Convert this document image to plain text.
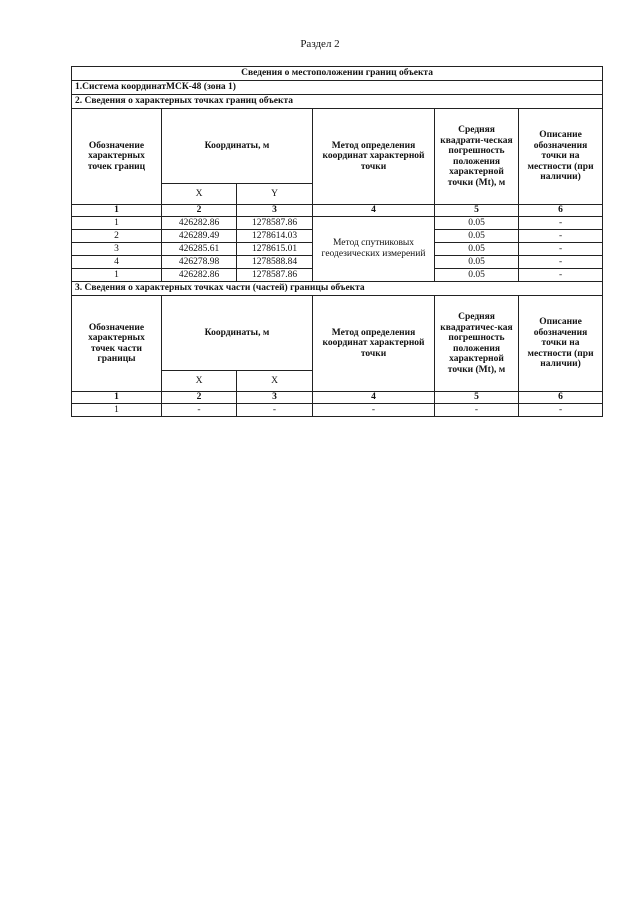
Раздел 2
Сведения о местоположении границ объекта					
1.Система координатМСК-48 (зона 1)					
2. Сведения о характерных точках границ объекта					
Обозначение характерных точек границ	Координаты, м		Метод определения координат характерной точки	Средняя квадрати-ческая погрешность положения характерной точки (Mt), м	Описание обозначения точки на местности (при наличии)
	X	Y			
1	2	3	4	5	6
1	426282.86	1278587.86	Метод спутниковых геодезических измерений	0.05	-
2	426289.49	1278614.03		0.05	-
3	426285.61	1278615.01		0.05	-
4	426278.98	1278588.84		0.05	-
1	426282.86	1278587.86		0.05	-
3. Сведения о характерных точках части (частей) границы объекта					
Обозначение характерных точек части границы	Координаты, м		Метод определения координат характерной точки	Средняя квадратичес-кая погрешность положения характерной точки (Mt), м	Описание обозначения точки на местности (при наличии)
	X	X			
1	2	3	4	5	6
1	-	-	-	-	-
